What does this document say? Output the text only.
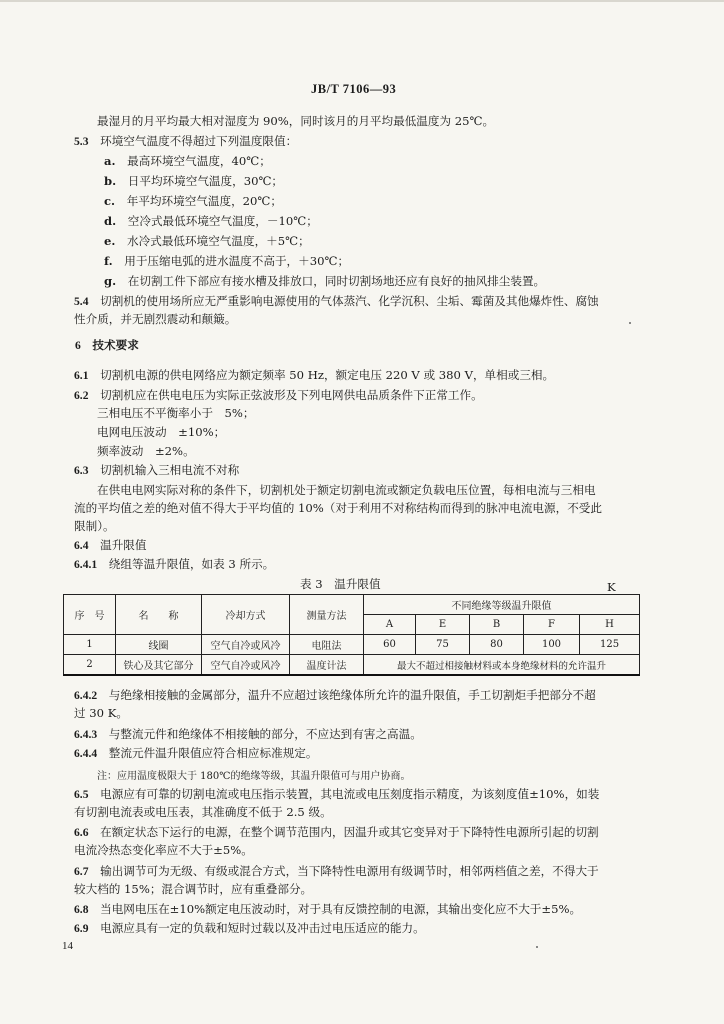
JB/T 7106—93
最湿月的月平均最大相对湿度为 90%，同时该月的月平均最低温度为 25℃。
5.3　 环境空气温度不得超过下列温度限值：
a.　 最高环境空气温度，40℃；
b.　 日平均环境空气温度，30℃；
c.　 年平均环境空气温度，20℃；
d.　 空冷式最低环境空气温度，－10℃；
e.　 水冷式最低环境空气温度，＋5℃；
f.　 用于压缩电弧的进水温度不高于，＋30℃；
g.　 在切割工件下部应有接水槽及排放口，同时切割场地还应有良好的抽风排尘装置。
5.4　 切割机的使用场所应无严重影响电源使用的气体蒸汽、化学沉积、尘垢、霉菌及其他爆炸性、腐蚀
性介质，并无剧烈震动和颠簸。
6　 技术要求
6.1　 切割机电源的供电网络应为额定频率 50 Hz，额定电压 220 V 或 380 V，单相或三相。
6.2　 切割机应在供电电压为实际正弦波形及下列电网供电品质条件下正常工作。
三相电压不平衡率小于　5%；
电网电压波动　±10%；
频率波动　±2%。
6.3　 切割机输入三相电流不对称
在供电电网实际对称的条件下，切割机处于额定切割电流或额定负载电压位置，每相电流与三相电
流的平均值之差的绝对值不得大于平均值的 10%（对于利用不对称结构而得到的脉冲电流电源，不受此
限制）。
6.4　 温升限值
6.4.1　 绕组等温升限值，如表 3 所示。
表 3　温升限值	K
序　号	名　　称	冷却方式	测量方法	不同绝缘等级温升限值				
				A	E	B	F	H
1	线圈	空气自冷或风冷	电阻法	60	75	80	100	125
2	铁心及其它部分	空气自冷或风冷	温度计法	最大不超过相接触材料或本身绝缘材料的允许温升				
6.4.2　 与绝缘相接触的金属部分，温升不应超过该绝缘体所允许的温升限值，手工切割炬手把部分不超
过 30 K。
6.4.3　 与整流元件和绝缘体不相接触的部分，不应达到有害之高温。
6.4.4　 整流元件温升限值应符合相应标准规定。
注：应用温度极限大于 180℃的绝缘等级，其温升限值可与用户协商。
6.5　 电源应有可靠的切割电流或电压指示装置，其电流或电压刻度指示精度，为该刻度值±10%，如装
有切割电流表或电压表，其准确度不低于 2.5 级。
6.6　 在额定状态下运行的电源，在整个调节范围内，因温升或其它变异对于下降特性电源所引起的切割
电流冷热态变化率应不大于±5%。
6.7　 输出调节可为无级、有级或混合方式，当下降特性电源用有级调节时，相邻两档值之差，不得大于
较大档的 15%；混合调节时，应有重叠部分。
6.8　 当电网电压在±10%额定电压波动时，对于具有反馈控制的电源，其输出变化应不大于±5%。
6.9　 电源应具有一定的负载和短时过载以及冲击过电压适应的能力。
14
